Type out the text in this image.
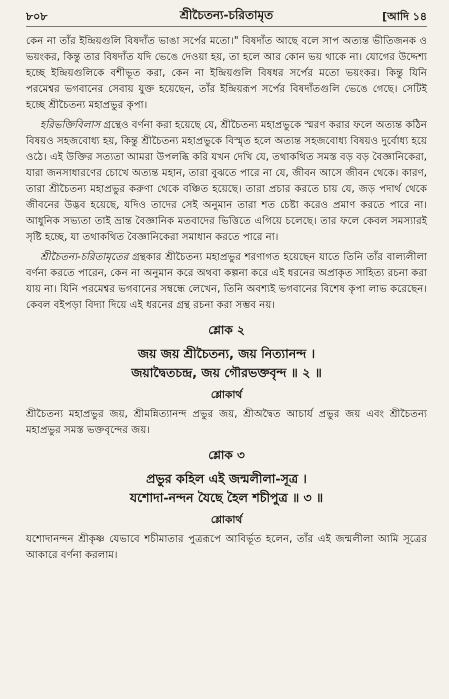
৮০৮	শ্রীচৈতন্য-চরিতামৃত	[আদি ১৪

কেন না তাঁর ইন্দ্রিয়গুলি বিষদাঁত ভাঙা সর্পের মতো।" বিষদাঁত আছে বলে সাপ অত্যন্ত ভীতিজনক ও ভয়ংকর, কিন্তু তার বিষদাঁত যদি ভেঙে দেওয়া হয়, তা হলে আর কোন ভয় থাকে না। যোগের উদ্দেশ্য হচ্ছে ইন্দ্রিয়গুলিকে বশীভূত করা, কেন না ইন্দ্রিয়গুলি বিষধর সর্পের মতো ভয়ংকর। কিন্তু যিনি পরমেশ্বর ভগবানের সেবায় যুক্ত হয়েছেন, তাঁর ইন্দ্রিয়রূপ সর্পের বিষদাঁতগুলি ভেঙে গেছে। সেটিই হচ্ছে শ্রীচৈতন্য মহাপ্রভুর কৃপা।

হরিভক্তিবিলাস গ্রন্থেও বর্ণনা করা হয়েছে যে, শ্রীচৈতন্য মহাপ্রভুকে স্মরণ করার ফলে অত্যন্ত কঠিন বিষয়ও সহজবোধ্য হয়, কিন্তু শ্রীচৈতন্য মহাপ্রভুকে বিস্মৃত হলে অত্যন্ত সহজবোধ্য বিষয়ও দুর্বোধ্য হয়ে ওঠে। এই উক্তির সত্যতা আমরা উপলব্ধি করি যখন দেখি যে, তথাকথিত সমস্ত বড় বড় বৈজ্ঞানিকেরা, যারা জনসাধারণের চোখে অত্যন্ত মহান, তারা বুঝতে পারে না যে, জীবন আসে জীবন থেকে। কারণ, তারা শ্রীচৈতন্য মহাপ্রভুর করুণা থেকে বঞ্চিত হয়েছে। তারা প্রচার করতে চায় যে, জড় পদার্থ থেকে জীবনের উদ্ভব হয়েছে, যদিও তাদের সেই অনুমান তারা শত চেষ্টা করেও প্রমাণ করতে পারে না। আধুনিক সভ্যতা তাই ভ্রান্ত বৈজ্ঞানিক মতবাদের ভিত্তিতে এগিয়ে চলেছে। তার ফলে কেবল সমস্যারই সৃষ্টি হচ্ছে, যা তথাকথিত বৈজ্ঞানিকেরা সমাধান করতে পারে না।

শ্রীচৈতন্য-চরিতামৃতের গ্রন্থকার শ্রীচৈতন্য মহাপ্রভুর শরণাগত হয়েছেন যাতে তিনি তাঁর বাল্যলীলা বর্ণনা করতে পারেন, কেন না অনুমান করে অথবা কল্পনা করে এই ধরনের অপ্রাকৃত সাহিত্য রচনা করা যায় না। যিনি পরমেশ্বর ভগবানের সম্বন্ধে লেখেন, তিনি অবশ্যই ভগবানের বিশেষ কৃপা লাভ করেছেন। কেবল বইপড়া বিদ্যা দিয়ে এই ধরনের গ্রন্থ রচনা করা সম্ভব নয়।

শ্লোক ২
জয় জয় শ্রীচৈতন্য, জয় নিত্যানন্দ ।
জয়াদ্বৈতচন্দ্র, জয় গৌরভক্তবৃন্দ ॥ ২ ॥
শ্লোকার্থ

শ্রীচৈতন্য মহাপ্রভুর জয়, শ্রীমন্নিত্যানন্দ প্রভুর জয়, শ্রীঅদ্বৈত আচার্য প্রভুর জয় এবং শ্রীচৈতন্য মহাপ্রভুর সমস্ত ভক্তবৃন্দের জয়।

শ্লোক ৩
প্রভুর কহিল এই জন্মলীলা-সূত্র ।
যশোদা-নন্দন যৈছে হৈল শচীপুত্র ॥ ৩ ॥
শ্লোকার্থ

যশোদানন্দন শ্রীকৃষ্ণ যেভাবে শচীমাতার পুত্ররূপে আবির্ভূত হলেন, তাঁর এই জন্মলীলা আমি সূত্রের আকারে বর্ণনা করলাম।
